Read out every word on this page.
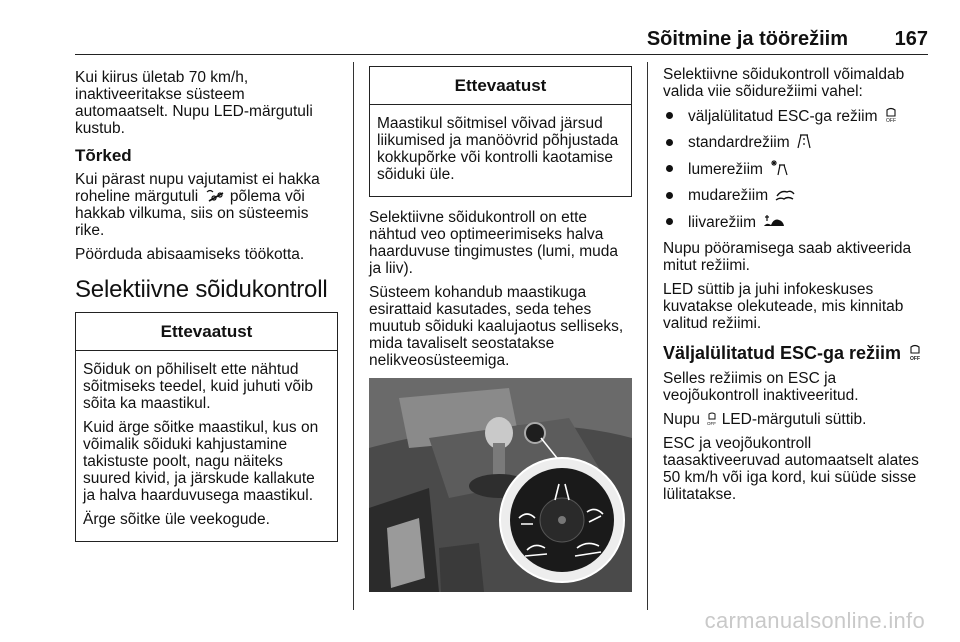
Sõitmine ja töörežiim 167

Kui kiirus ületab 70 km/h, inaktiveeritakse süsteem automaatselt. Nupu LED-märgutuli kustub.

Tõrked

Kui pärast nupu vajutamist ei hakka roheline märgutuli põlema või hakkab vilkuma, siis on süsteemis rike.

Pöörduda abisaamiseks töökotta.

Selektiivne sõidukontroll
Ettevaatust

Sõiduk on põhiliselt ette nähtud sõitmiseks teedel, kuid juhuti võib sõita ka maastikul.

Kuid ärge sõitke maastikul, kus on võimalik sõiduki kahjustamine takistuste poolt, nagu näiteks suured kivid, ja järskude kallakute ja halva haarduvusega maastikul.

Ärge sõitke üle veekogude.

Ettevaatust

Maastikul sõitmisel võivad järsud liikumised ja manöövrid põhjustada kokkupõrke või kontrolli kaotamise sõiduki üle.

Selektiivne sõidukontroll on ette nähtud veo optimeerimiseks halva haarduvuse tingimustes (lumi, muda ja liiv).

Süsteem kohandub maastikuga esirattaid kasutades, seda tehes muutub sõiduki kaalujaotus selliseks, mida tavaliselt seostatakse nelikveosüsteemiga.

Selektiivne sõidukontroll võimaldab valida viie sõidurežiimi vahel:

väljalülitatud ESC-ga režiim OFF
standardrežiim
lumerežiim
mudarežiim
liivarežiim

Nupu pööramisega saab aktiveerida mitut režiimi.

LED süttib ja juhi infokeskuses kuvatakse olekuteade, mis kinnitab valitud režiimi.

Väljalülitatud ESC-ga režiim OFF

Selles režiimis on ESC ja veojõukontroll inaktiveeritud.

Nupu OFF LED-märgutuli süttib.

ESC ja veojõukontroll taasaktiveeruvad automaatselt alates 50 km/h või iga kord, kui süüde sisse lülitatakse.

carmanualsonline.info
